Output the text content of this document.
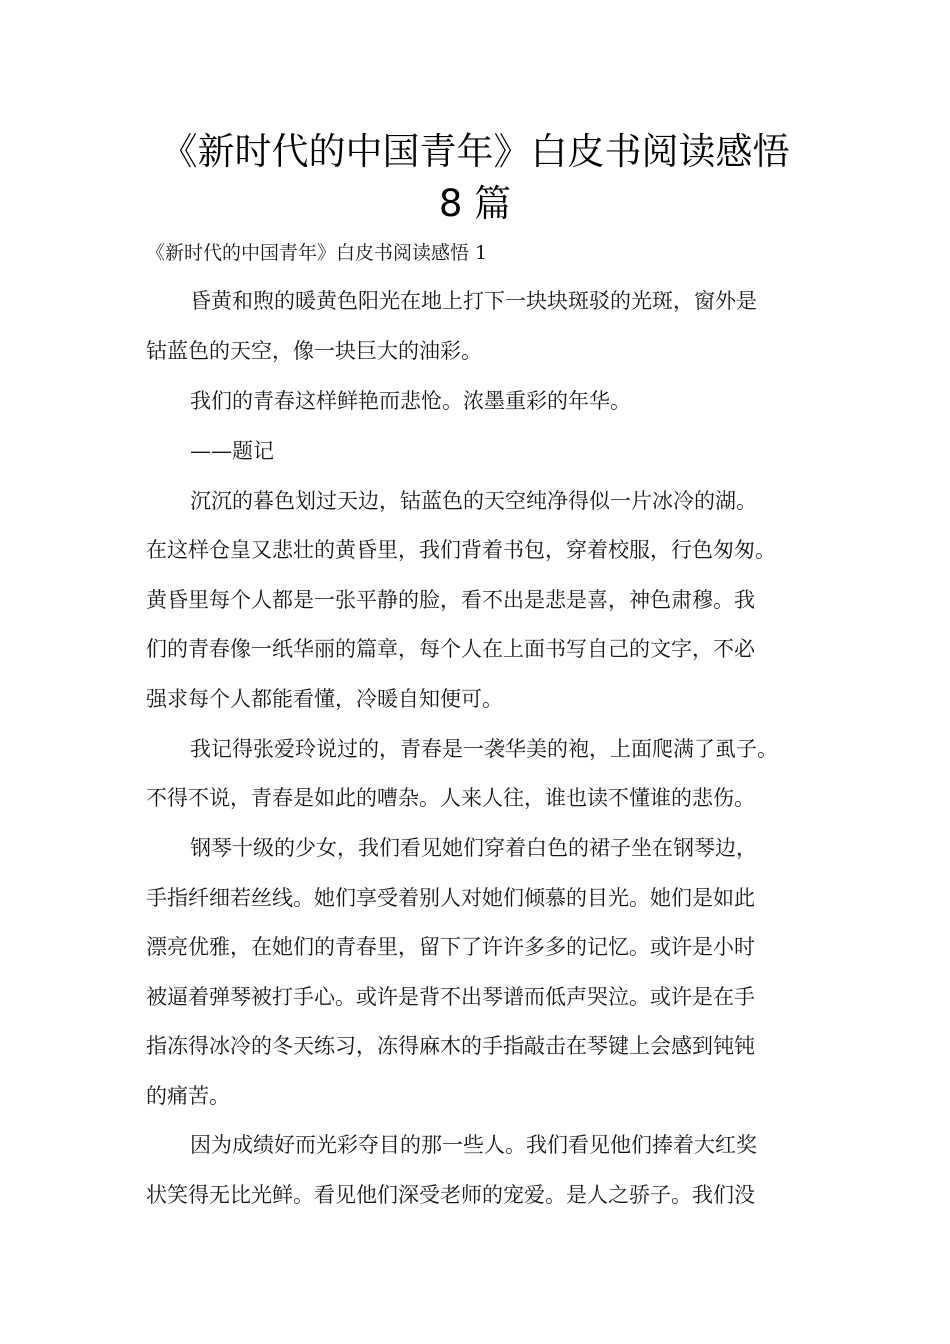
《新时代的中国青年》白皮书阅读感悟
8 篇
《新时代的中国青年》白皮书阅读感悟 1
昏黄和煦的暖黄色阳光在地上打下一块块斑驳的光斑，窗外是
钴蓝色的天空，像一块巨大的油彩。
我们的青春这样鲜艳而悲怆。浓墨重彩的年华。
——题记
沉沉的暮色划过天边，钴蓝色的天空纯净得似一片冰冷的湖。
在这样仓皇又悲壮的黄昏里，我们背着书包，穿着校服，行色匆匆。
黄昏里每个人都是一张平静的脸，看不出是悲是喜，神色肃穆。我
们的青春像一纸华丽的篇章，每个人在上面书写自己的文字，不必
强求每个人都能看懂，冷暖自知便可。
我记得张爱玲说过的，青春是一袭华美的袍，上面爬满了虱子。
不得不说，青春是如此的嘈杂。人来人往，谁也读不懂谁的悲伤。
钢琴十级的少女，我们看见她们穿着白色的裙子坐在钢琴边，
手指纤细若丝线。她们享受着别人对她们倾慕的目光。她们是如此
漂亮优雅，在她们的青春里，留下了许许多多的记忆。或许是小时
被逼着弹琴被打手心。或许是背不出琴谱而低声哭泣。或许是在手
指冻得冰冷的冬天练习，冻得麻木的手指敲击在琴键上会感到钝钝
的痛苦。
因为成绩好而光彩夺目的那一些人。我们看见他们捧着大红奖
状笑得无比光鲜。看见他们深受老师的宠爱。是人之骄子。我们没
